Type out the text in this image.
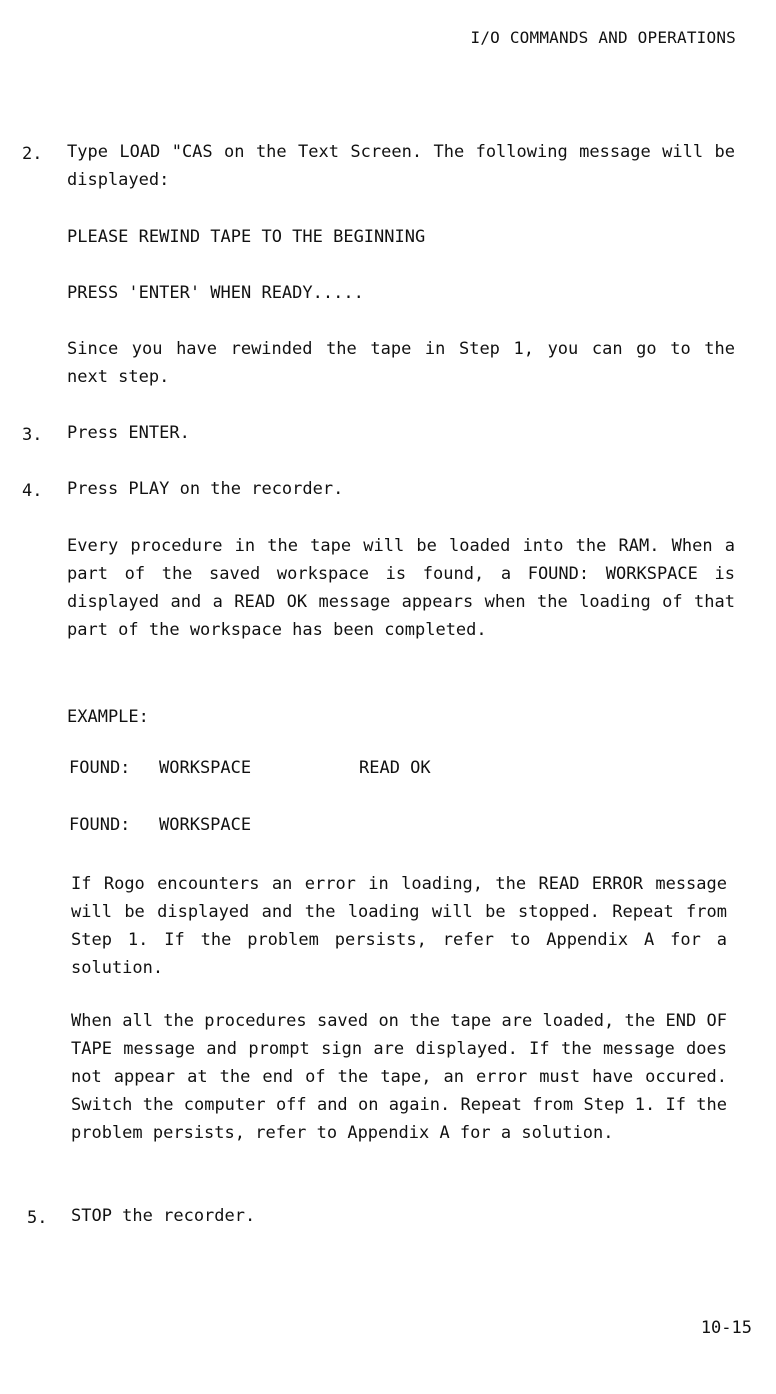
I/O COMMANDS AND OPERATIONS
2. Type LOAD "CAS on the Text Screen. The following message will be displayed:
PLEASE REWIND TAPE TO THE BEGINNING
PRESS 'ENTER' WHEN READY.....
Since you have rewinded the tape in Step 1, you can go to the next step.
3. Press ENTER.
4. Press PLAY on the recorder.
Every procedure in the tape will be loaded into the RAM. When a part of the saved workspace is found, a FOUND: WORKSPACE is displayed and a READ OK message appears when the loading of that part of the workspace has been completed.
EXAMPLE:
FOUND: WORKSPACE	READ OK
FOUND: WORKSPACE
If Rogo encounters an error in loading, the READ ERROR message will be displayed and the loading will be stopped. Repeat from Step 1. If the problem persists, refer to Appendix A for a solution.
When all the procedures saved on the tape are loaded, the END OF TAPE message and prompt sign are displayed. If the message does not appear at the end of the tape, an error must have occured. Switch the computer off and on again. Repeat from Step 1. If the problem persists, refer to Appendix A for a solution.
5. STOP the recorder.
10-15
